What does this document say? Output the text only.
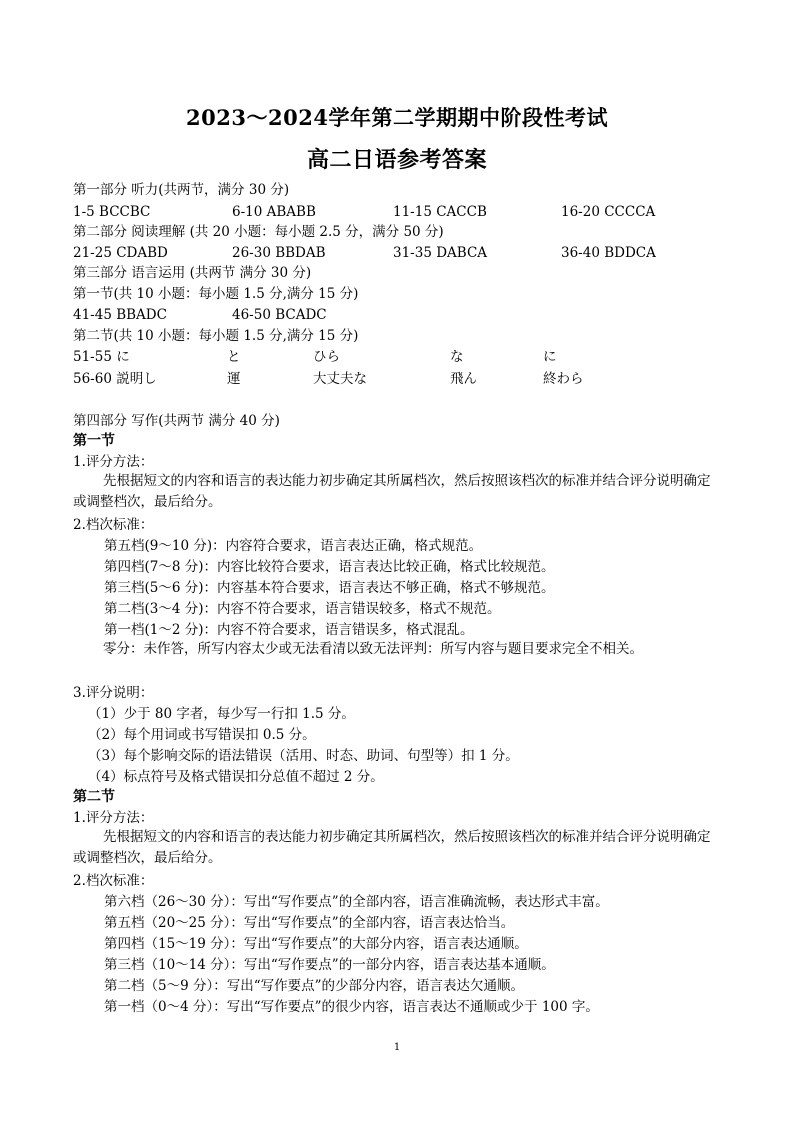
2023～2024学年第二学期期中阶段性考试
高二日语参考答案
第一部分 听力(共两节，满分 30 分)
1-5 BCCBC	6-10 ABABB	11-15 CACCB	16-20 CCCCA
第二部分 阅读理解 (共 20 小题：每小题 2.5 分，满分 50 分)
21-25 CDABD	26-30 BBDAB	31-35 DABCA	36-40 BDDCA
第三部分 语言运用 (共两节 满分 30 分)
第一节(共 10 小题：每小题 1.5 分,满分 15 分)
41-45 BBADC	46-50 BCADC
第二节(共 10 小题：每小题 1.5 分,满分 15 分)
51-55 に	と	ひら	な	に
56-60 説明し	運	大丈夫な	飛ん	終わら
第四部分 写作(共两节 满分 40 分)
第一节
1.评分方法：
先根据短文的内容和语言的表达能力初步确定其所属档次，然后按照该档次的标准并结合评分说明确定或调整档次，最后给分。
2.档次标准：
第五档(9～10 分)：内容符合要求，语言表达正确，格式规范。
第四档(7～8 分)：内容比较符合要求，语言表达比较正确，格式比较规范。
第三档(5～6 分)：内容基本符合要求，语言表达不够正确，格式不够规范。
第二档(3～4 分)：内容不符合要求，语言错误较多，格式不规范。
第一档(1～2 分)：内容不符合要求，语言错误多，格式混乱。
零分：未作答，所写内容太少或无法看清以致无法评判：所写内容与题目要求完全不相关。
3.评分说明：
（1）少于 80 字者，每少写一行扣 1.5 分。
（2）每个用词或书写错误扣 0.5 分。
（3）每个影响交际的语法错误（活用、时态、助词、句型等）扣 1 分。
（4）标点符号及格式错误扣分总值不超过 2 分。
第二节
1.评分方法：
先根据短文的内容和语言的表达能力初步确定其所属档次，然后按照该档次的标准并结合评分说明确定或调整档次，最后给分。
2.档次标准：
第六档（26～30 分）：写出“写作要点”的全部内容，语言准确流畅，表达形式丰富。
第五档（20～25 分）：写出“写作要点”的全部内容，语言表达恰当。
第四档（15～19 分）：写出“写作要点”的大部分内容，语言表达通顺。
第三档（10～14 分）：写出“写作要点”的一部分内容，语言表达基本通顺。
第二档（5～9 分）：写出“写作要点”的少部分内容，语言表达欠通顺。
第一档（0～4 分）：写出“写作要点”的很少内容，语言表达不通顺或少于 100 字。
1
